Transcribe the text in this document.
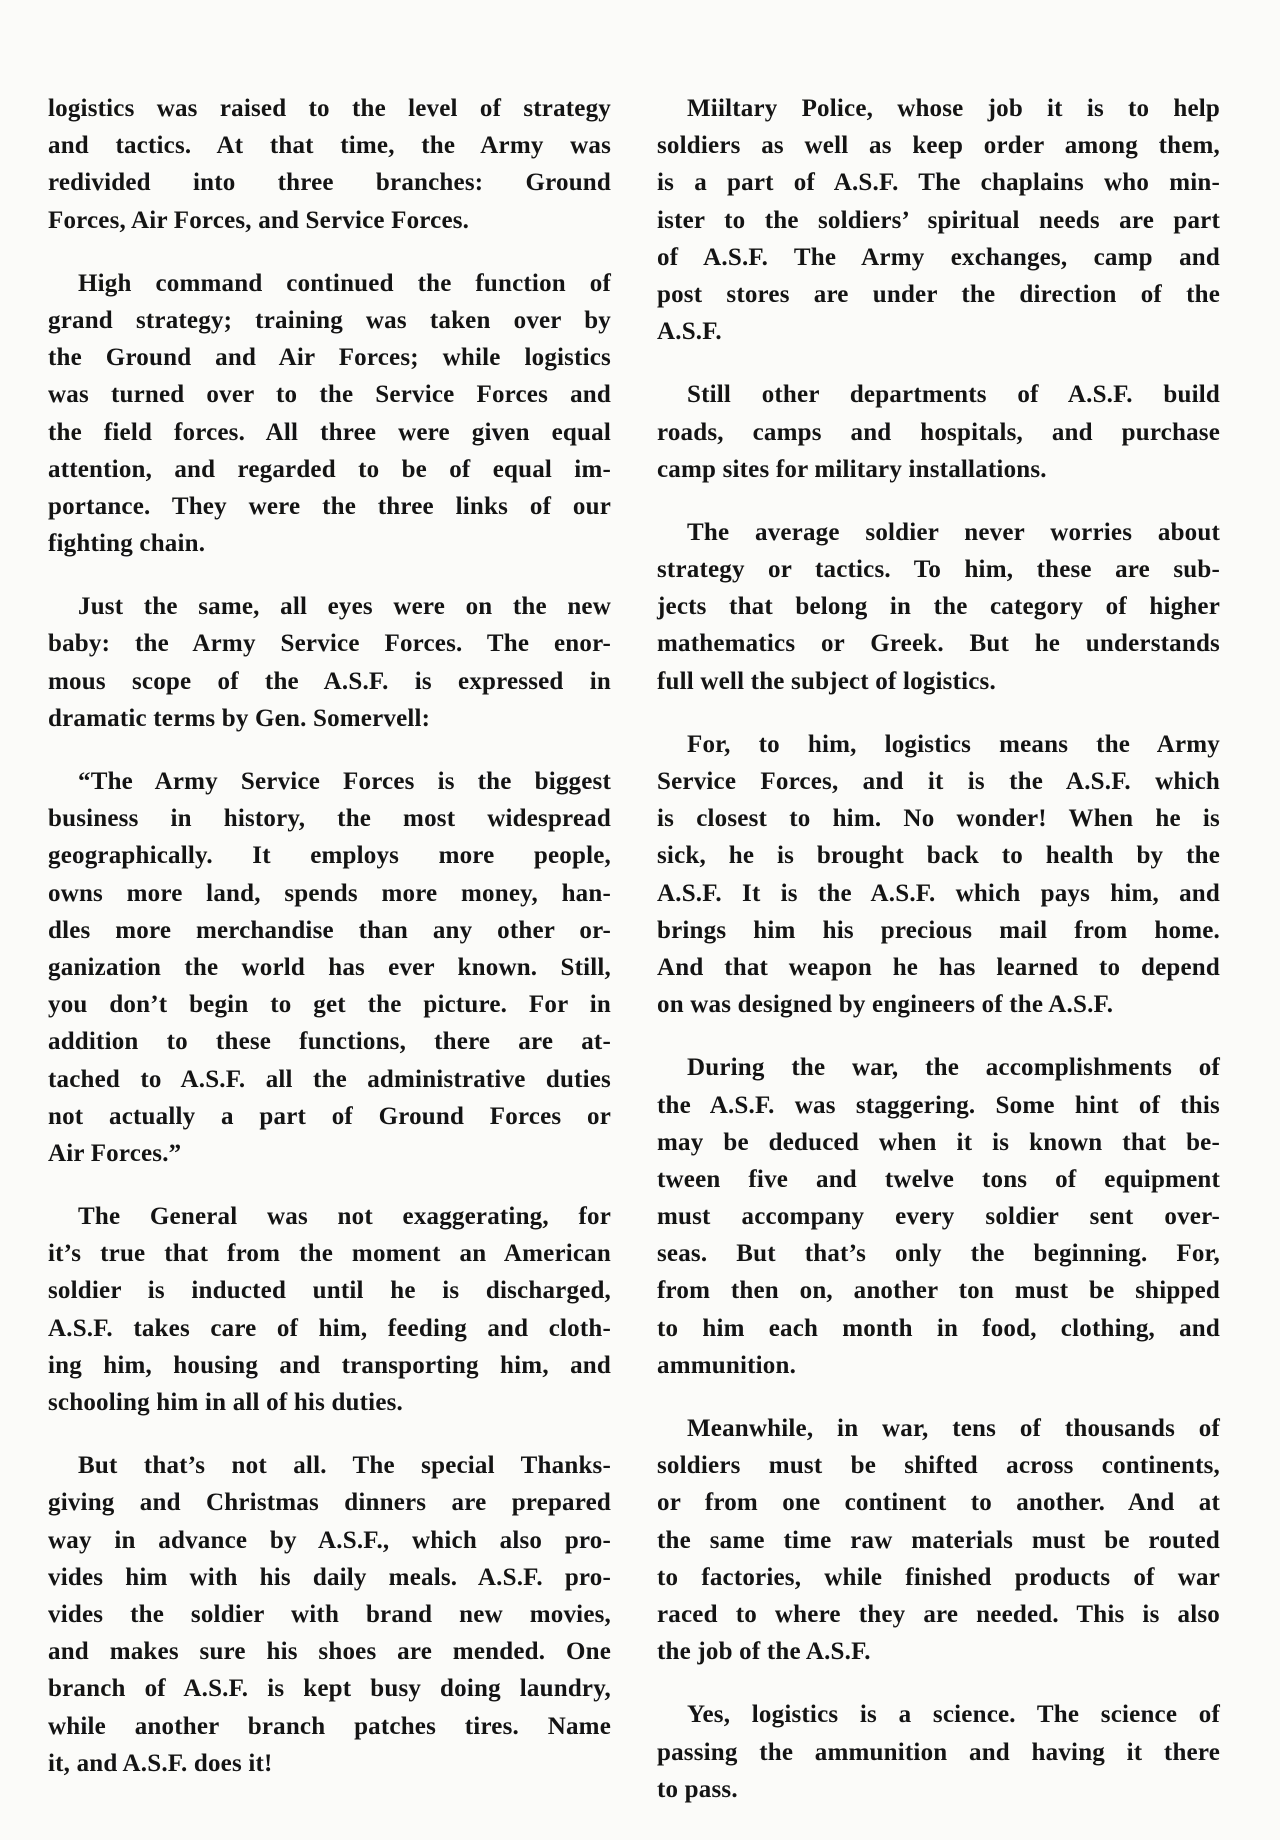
logistics was raised to the level of strategy
and tactics. At that time, the Army was
redivided into three branches: Ground
Forces, Air Forces, and Service Forces.
High command continued the function of
grand strategy; training was taken over by
the Ground and Air Forces; while logistics
was turned over to the Service Forces and
the field forces. All three were given equal
attention, and regarded to be of equal im-
portance. They were the three links of our
fighting chain.
Just the same, all eyes were on the new
baby: the Army Service Forces. The enor-
mous scope of the A.S.F. is expressed in
dramatic terms by Gen. Somervell:
“The Army Service Forces is the biggest
business in history, the most widespread
geographically. It employs more people,
owns more land, spends more money, han-
dles more merchandise than any other or-
ganization the world has ever known. Still,
you don’t begin to get the picture. For in
addition to these functions, there are at-
tached to A.S.F. all the administrative duties
not actually a part of Ground Forces or
Air Forces.”
The General was not exaggerating, for
it’s true that from the moment an American
soldier is inducted until he is discharged,
A.S.F. takes care of him, feeding and cloth-
ing him, housing and transporting him, and
schooling him in all of his duties.
But that’s not all. The special Thanks-
giving and Christmas dinners are prepared
way in advance by A.S.F., which also pro-
vides him with his daily meals. A.S.F. pro-
vides the soldier with brand new movies,
and makes sure his shoes are mended. One
branch of A.S.F. is kept busy doing laundry,
while another branch patches tires. Name
it, and A.S.F. does it!
Miiltary Police, whose job it is to help
soldiers as well as keep order among them,
is a part of A.S.F. The chaplains who min-
ister to the soldiers’ spiritual needs are part
of A.S.F. The Army exchanges, camp and
post stores are under the direction of the
A.S.F.
Still other departments of A.S.F. build
roads, camps and hospitals, and purchase
camp sites for military installations.
The average soldier never worries about
strategy or tactics. To him, these are sub-
jects that belong in the category of higher
mathematics or Greek. But he understands
full well the subject of logistics.
For, to him, logistics means the Army
Service Forces, and it is the A.S.F. which
is closest to him. No wonder! When he is
sick, he is brought back to health by the
A.S.F. It is the A.S.F. which pays him, and
brings him his precious mail from home.
And that weapon he has learned to depend
on was designed by engineers of the A.S.F.
During the war, the accomplishments of
the A.S.F. was staggering. Some hint of this
may be deduced when it is known that be-
tween five and twelve tons of equipment
must accompany every soldier sent over-
seas. But that’s only the beginning. For,
from then on, another ton must be shipped
to him each month in food, clothing, and
ammunition.
Meanwhile, in war, tens of thousands of
soldiers must be shifted across continents,
or from one continent to another. And at
the same time raw materials must be routed
to factories, while finished products of war
raced to where they are needed. This is also
the job of the A.S.F.
Yes, logistics is a science. The science of
passing the ammunition and having it there
to pass.
